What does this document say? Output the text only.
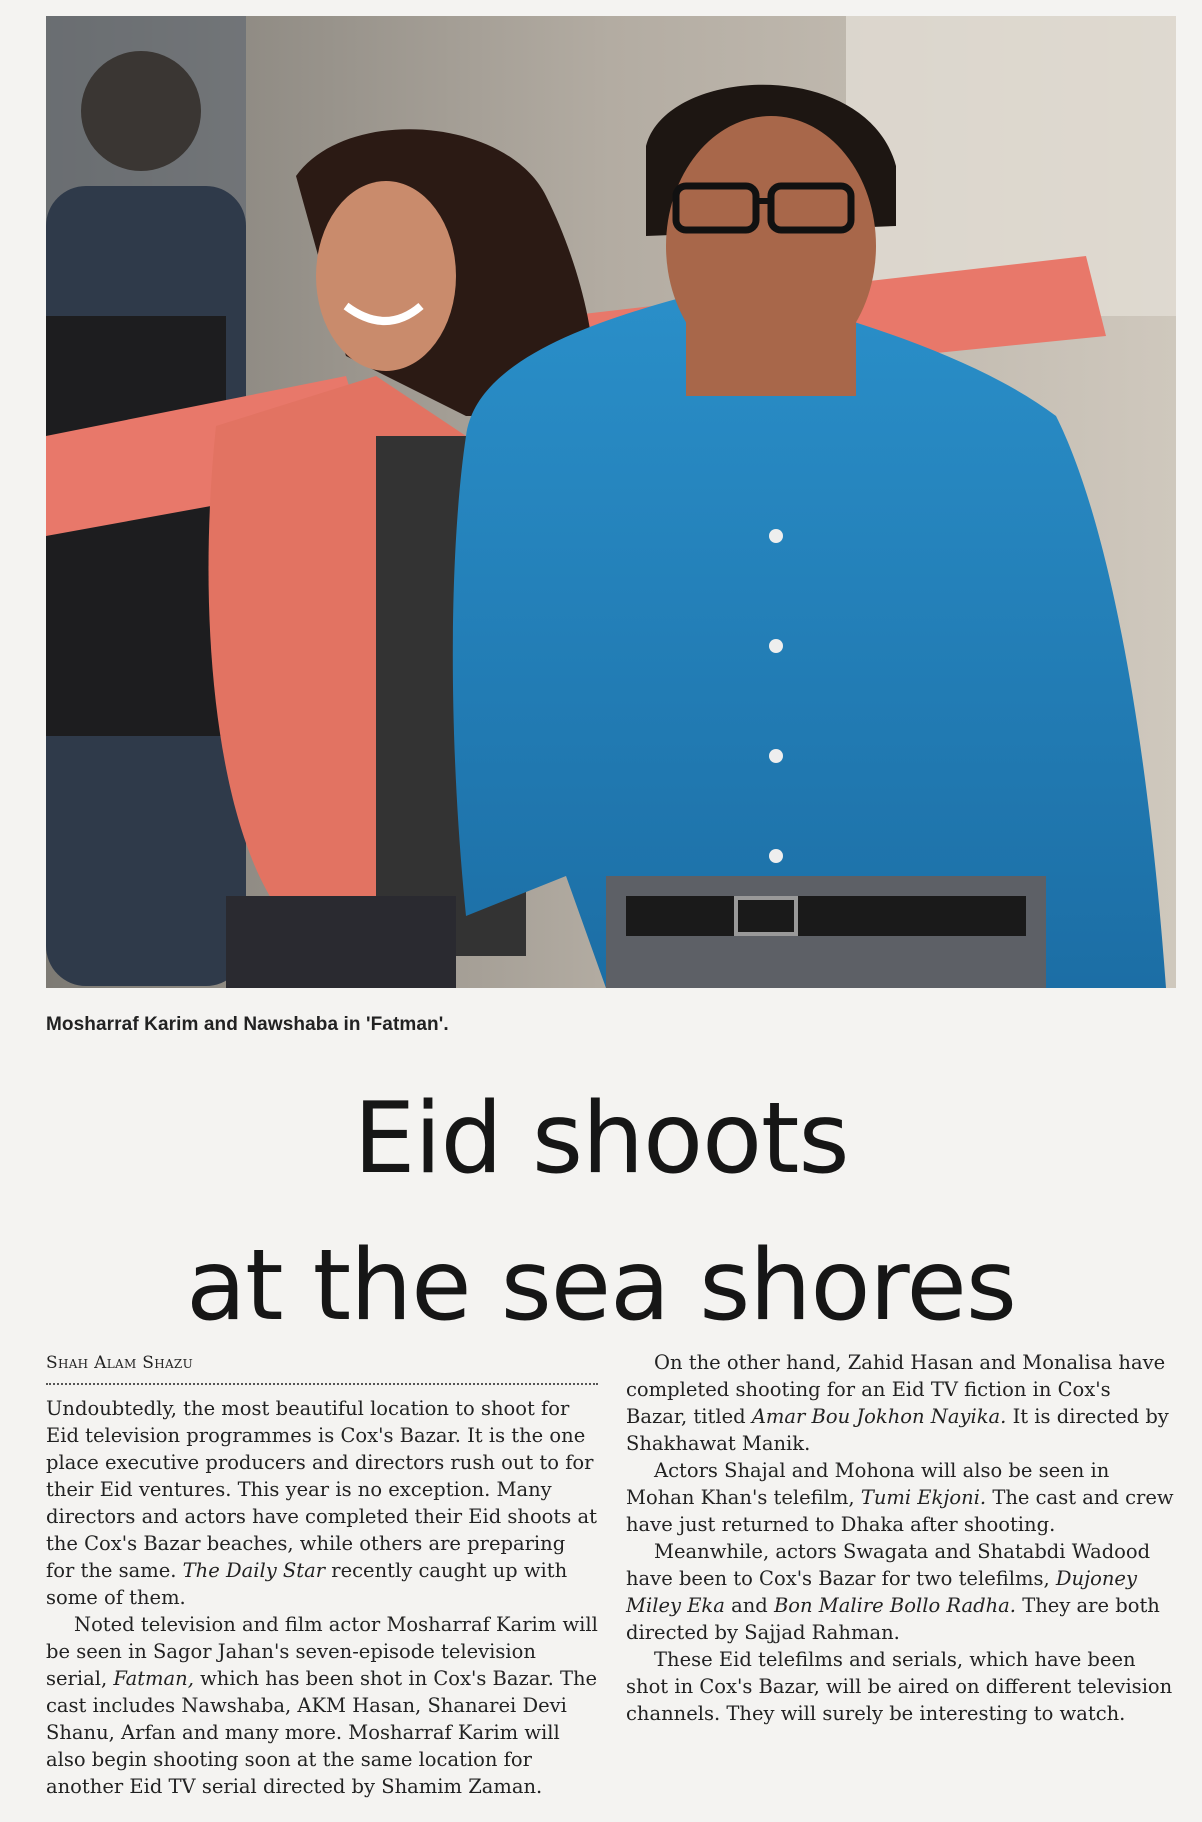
Mosharraf Karim and Nawshaba in 'Fatman'.
Eid shoots
at the sea shores
Shah Alam Shazu

Undoubtedly, the most beautiful location to shoot for Eid television programmes is Cox's Bazar. It is the one place executive producers and directors rush out to for their Eid ventures. This year is no exception. Many directors and actors have completed their Eid shoots at the Cox's Bazar beaches, while others are preparing for the same. The Daily Star recently caught up with some of them.

Noted television and film actor Mosharraf Karim will be seen in Sagor Jahan's seven-episode television serial, Fatman, which has been shot in Cox's Bazar. The cast includes Nawshaba, AKM Hasan, Shanarei Devi Shanu, Arfan and many more. Mosharraf Karim will also begin shooting soon at the same location for another Eid TV serial directed by Shamim Zaman.

On the other hand, Zahid Hasan and Monalisa have completed shooting for an Eid TV fiction in Cox's Bazar, titled Amar Bou Jokhon Nayika. It is directed by Shakhawat Manik.

Actors Shajal and Mohona will also be seen in Mohan Khan's telefilm, Tumi Ekjoni. The cast and crew have just returned to Dhaka after shooting.

Meanwhile, actors Swagata and Shatabdi Wadood have been to Cox's Bazar for two telefilms, Dujoney Miley Eka and Bon Malire Bollo Radha. They are both directed by Sajjad Rahman.

These Eid telefilms and serials, which have been shot in Cox's Bazar, will be aired on different television channels. They will surely be interesting to watch.
